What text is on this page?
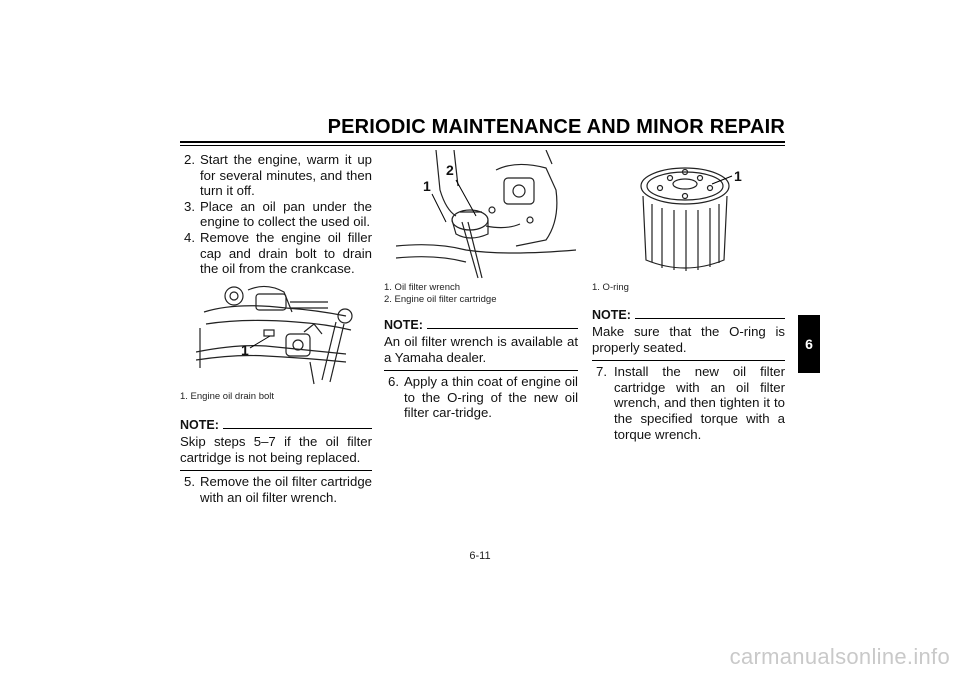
PERIODIC MAINTENANCE AND MINOR REPAIR

2. Start the engine, warm it up for several minutes, and then turn it off.

3. Place an oil pan under the engine to collect the used oil.

4. Remove the engine oil filler cap and drain bolt to drain the oil from the crankcase.

1

1. Engine oil drain bolt

NOTE:

Skip steps 5–7 if the oil filter cartridge is not being replaced.

5. Remove the oil filter cartridge with an oil filter wrench.

1
2

1. Oil filter wrench

2. Engine oil filter cartridge

NOTE:

An oil filter wrench is available at a Yamaha dealer.

6. Apply a thin coat of engine oil to the O-ring of the new oil filter car-tridge.

1

1. O-ring

NOTE:

Make sure that the O-ring is properly seated.

7. Install the new oil filter cartridge with an oil filter wrench, and then tighten it to the specified torque with a torque wrench.

6
6-11
carmanualsonline.info
